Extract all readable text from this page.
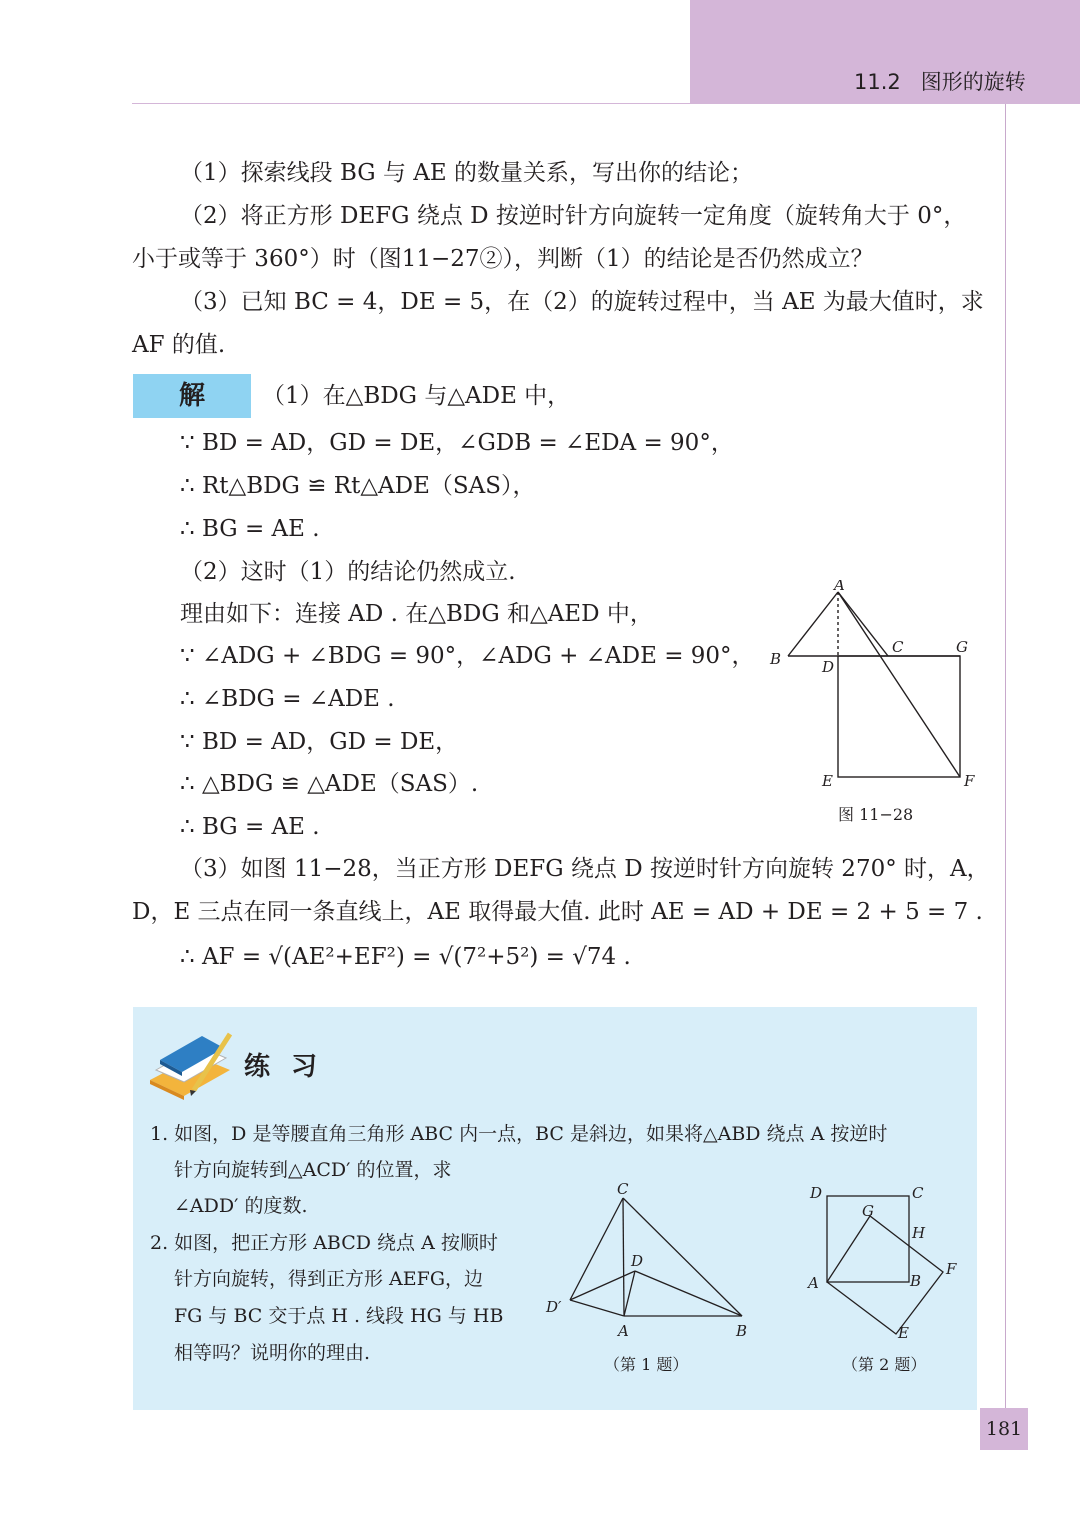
11.2 图形的旋转
（1）探索线段 BG 与 AE 的数量关系，写出你的结论；
（2）将正方形 DEFG 绕点 D 按逆时针方向旋转一定角度（旋转角大于 0°，
小于或等于 360°）时（图11−27②），判断（1）的结论是否仍然成立？
（3）已知 BC = 4，DE = 5，在（2）的旋转过程中，当 AE 为最大值时，求
AF 的值.
解	（1）在△BDG 与△ADE 中，
∵ BD = AD，GD = DE，∠GDB = ∠EDA = 90°，
∴ Rt△BDG ≌ Rt△ADE（SAS），
∴ BG = AE .
（2）这时（1）的结论仍然成立.
理由如下：连接 AD . 在△BDG 和△AED 中，
∵ ∠ADG + ∠BDG = 90°，∠ADG + ∠ADE = 90°，
∴ ∠BDG = ∠ADE .
∵ BD = AD，GD = DE，
∴ △BDG ≌ △ADE（SAS）.
∴ BG = AE .
（3）如图 11−28，当正方形 DEFG 绕点 D 按逆时针方向旋转 270° 时，A，
D，E 三点在同一条直线上，AE 取得最大值. 此时 AE = AD + DE = 2 + 5 = 7 .
∴ AF = √(AE²+EF²) = √(7²+5²) = √74 .
A
B
C
D
E	F
G
图 11−28
练 习
1. 如图，D 是等腰直角三角形 ABC 内一点，BC 是斜边，如果将△ABD 绕点 A 按逆时
针方向旋转到△ACD′ 的位置，求
∠ADD′ 的度数.
2. 如图，把正方形 ABCD 绕点 A 按顺时
针方向旋转，得到正方形 AEFG，边
FG 与 BC 交于点 H . 线段 HG 与 HB
相等吗？说明你的理由.
C
D
D′
A	B
（第 1 题）
D	C
G
H
A	B
F
E
（第 2 题）
181
